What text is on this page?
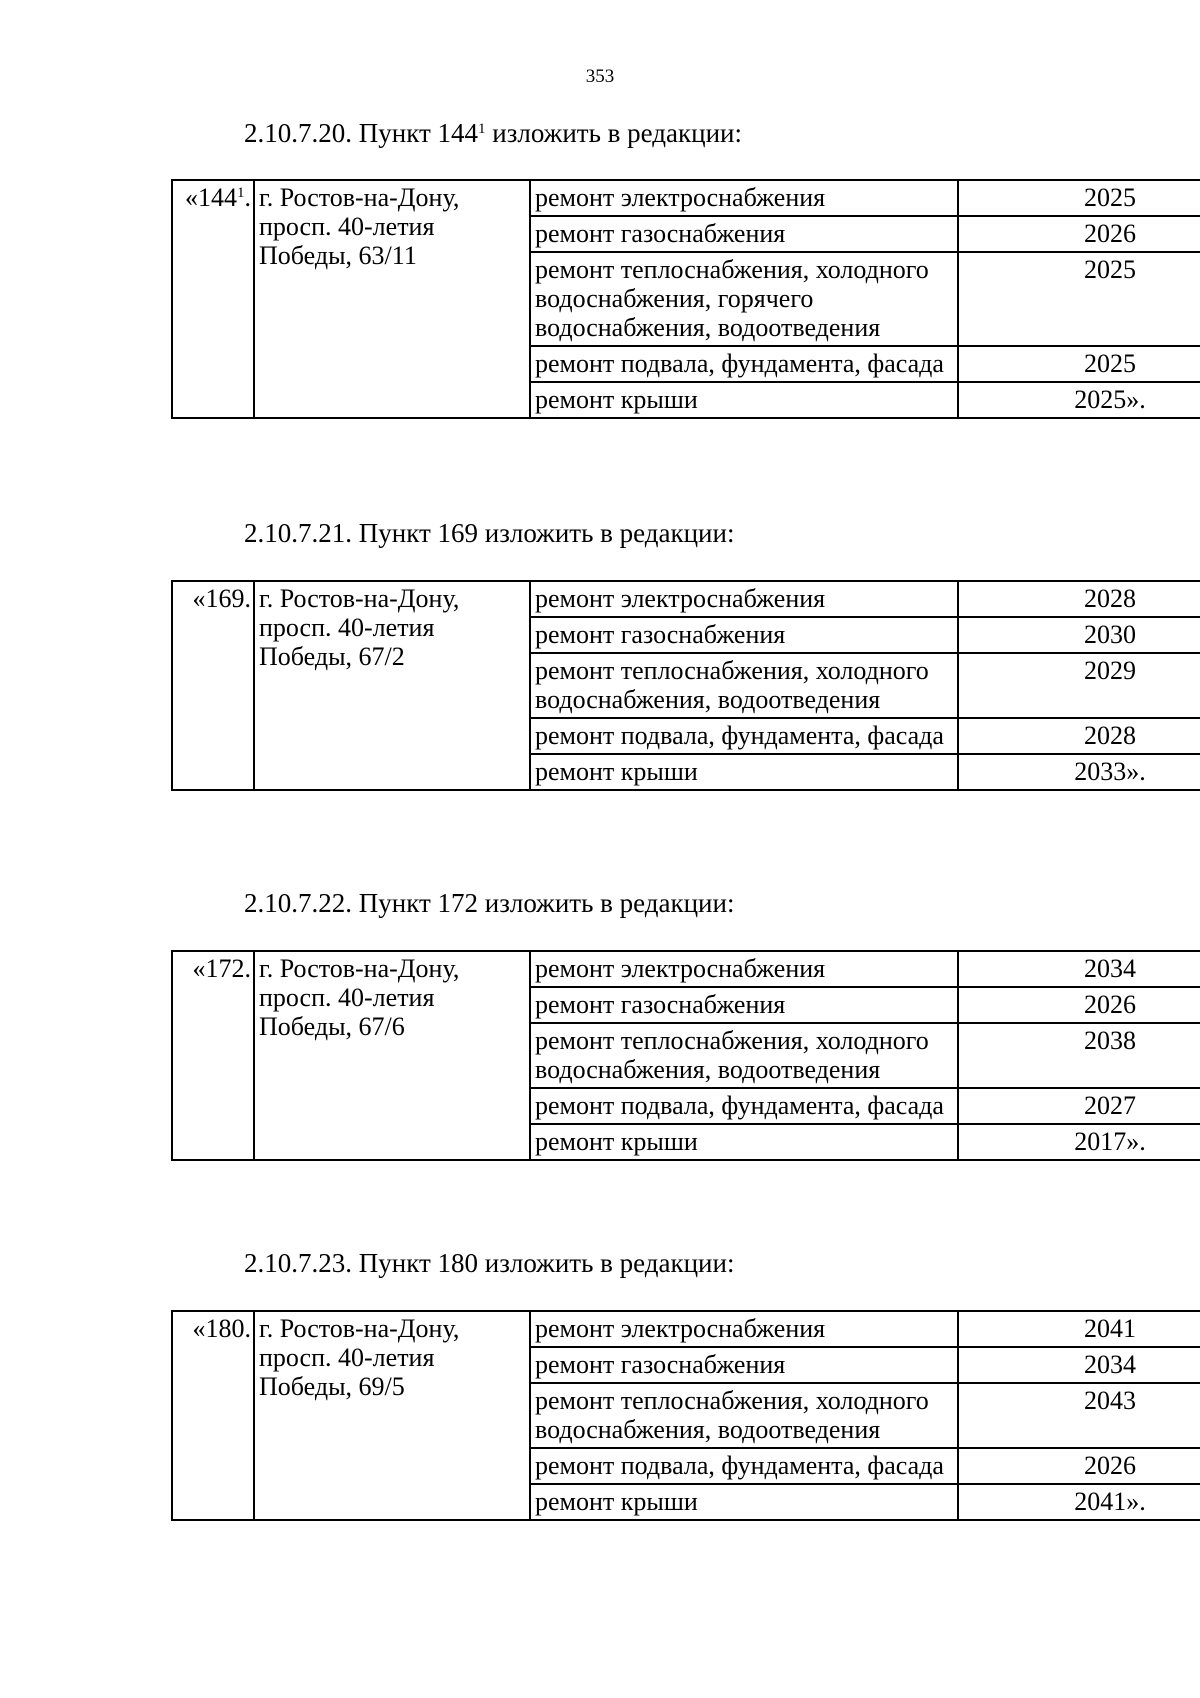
353
2.10.7.20. Пункт $144^1$ изложить в редакции:
«$144^1$.	г. Ростов-на-Дону, просп. 40-летия Победы, 63/11	ремонт электроснабжения	2025
		ремонт газоснабжения	2026
		ремонт теплоснабжения, холодного водоснабжения, горячего водоснабжения, водоотведения	2025
		ремонт подвала, фундамента, фасада	2025
		ремонт крыши	2025».
2.10.7.21. Пункт 169 изложить в редакции:
«169.	г. Ростов-на-Дону, просп. 40-летия Победы, 67/2	ремонт электроснабжения	2028
		ремонт газоснабжения	2030
		ремонт теплоснабжения, холодного водоснабжения, водоотведения	2029
		ремонт подвала, фундамента, фасада	2028
		ремонт крыши	2033».
2.10.7.22. Пункт 172 изложить в редакции:
«172.	г. Ростов-на-Дону, просп. 40-летия Победы, 67/6	ремонт электроснабжения	2034
		ремонт газоснабжения	2026
		ремонт теплоснабжения, холодного водоснабжения, водоотведения	2038
		ремонт подвала, фундамента, фасада	2027
		ремонт крыши	2017».
2.10.7.23. Пункт 180 изложить в редакции:
«180.	г. Ростов-на-Дону, просп. 40-летия Победы, 69/5	ремонт электроснабжения	2041
		ремонт газоснабжения	2034
		ремонт теплоснабжения, холодного водоснабжения, водоотведения	2043
		ремонт подвала, фундамента, фасада	2026
		ремонт крыши	2041».
